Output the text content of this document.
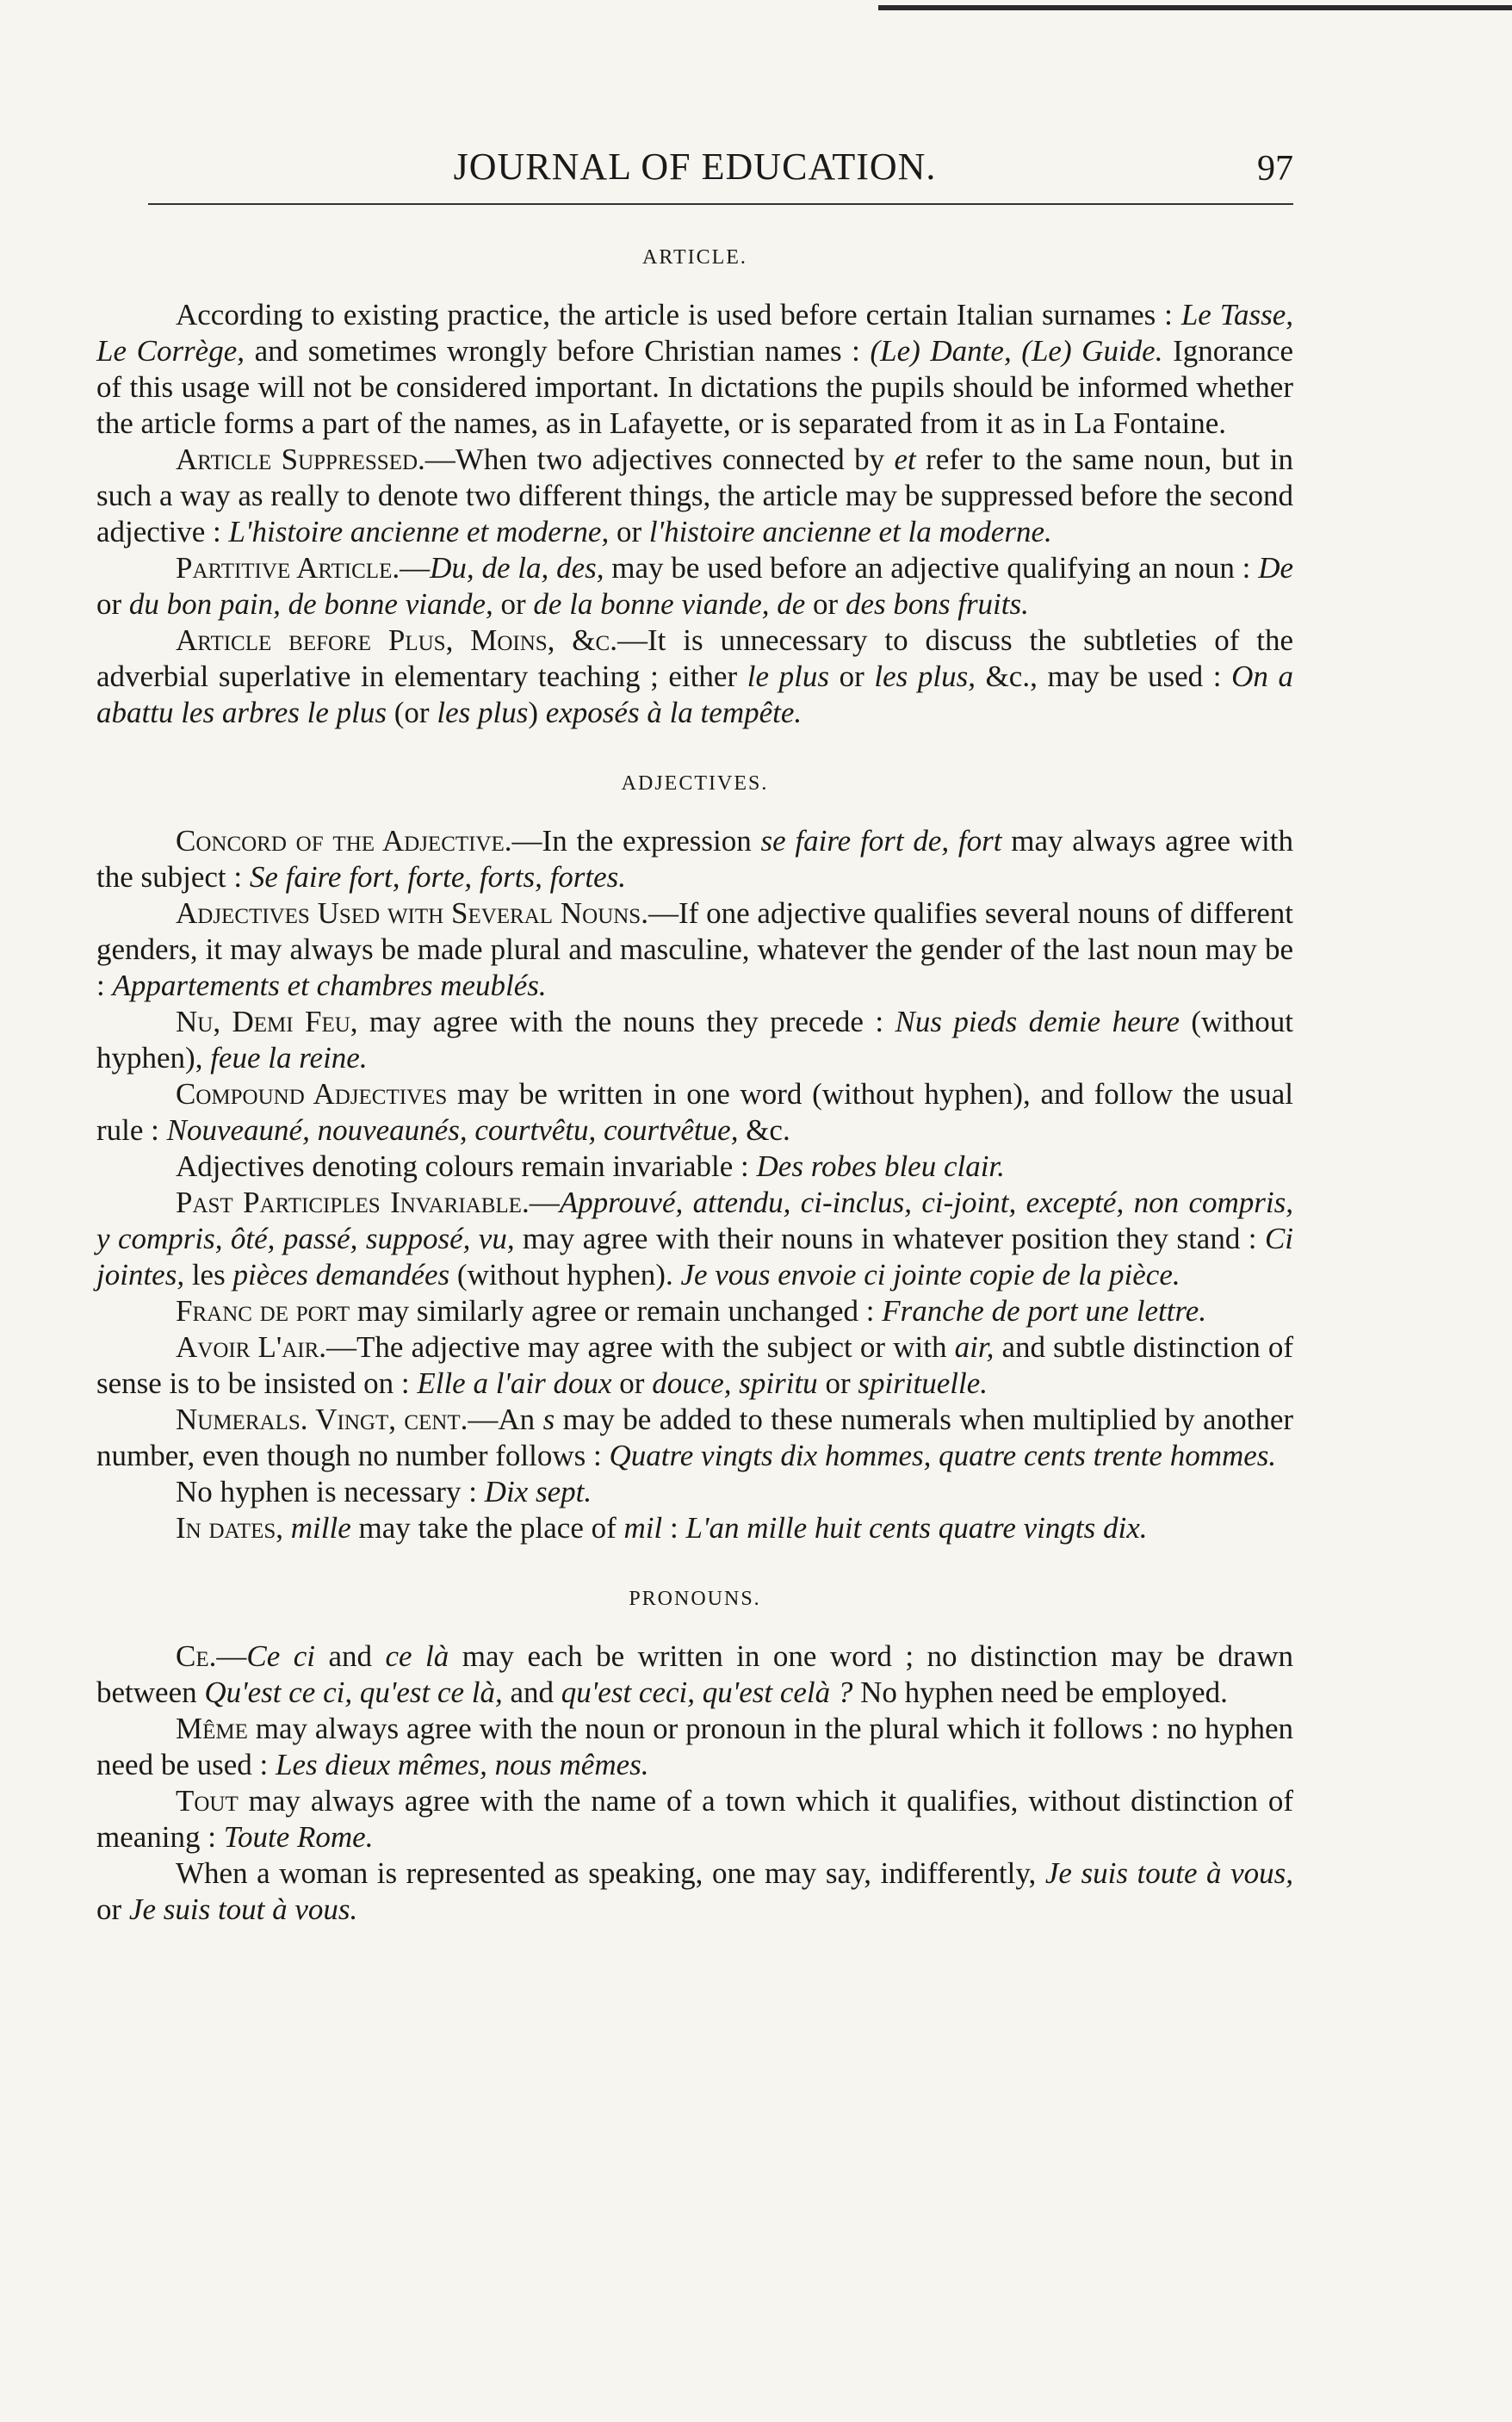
JOURNAL OF EDUCATION.	97
ARTICLE.

According to existing practice, the article is used before certain Italian surnames : Le Tasse, Le Corrège, and sometimes wrongly before Christian names : (Le) Dante, (Le) Guide. Ignorance of this usage will not be considered important. In dictations the pupils should be informed whether the article forms a part of the names, as in Lafayette, or is separated from it as in La Fontaine.

Article Suppressed.—When two adjectives connected by et refer to the same noun, but in such a way as really to denote two different things, the article may be suppressed before the second adjective : L'histoire ancienne et moderne, or l'histoire ancienne et la moderne.

Partitive Article.—Du, de la, des, may be used before an adjective qualifying an noun : De or du bon pain, de bonne viande, or de la bonne viande, de or des bons fruits.

Article before Plus, Moins, &c.—It is unnecessary to discuss the subtleties of the adverbial superlative in elementary teaching ; either le plus or les plus, &c., may be used : On a abattu les arbres le plus (or les plus) exposés à la tempête.

ADJECTIVES.

Concord of the Adjective.—In the expression se faire fort de, fort may always agree with the subject : Se faire fort, forte, forts, fortes.

Adjectives Used with Several Nouns.—If one adjective qualifies several nouns of different genders, it may always be made plural and masculine, whatever the gender of the last noun may be : Appartements et chambres meublés.

Nu, Demi Feu, may agree with the nouns they precede : Nus pieds demie heure (without hyphen), feue la reine.

Compound Adjectives may be written in one word (without hyphen), and follow the usual rule : Nouveauné, nouveaunés, courtvêtu, courtvêtue, &c.

Adjectives denoting colours remain invariable : Des robes bleu clair.

Past Participles Invariable.—Approuvé, attendu, ci-inclus, ci-joint, excepté, non compris, y compris, ôté, passé, supposé, vu, may agree with their nouns in whatever position they stand : Ci jointes, les pièces demandées (without hyphen). Je vous envoie ci jointe copie de la pièce.

Franc de port may similarly agree or remain unchanged : Franche de port une lettre.

Avoir L'air.—The adjective may agree with the subject or with air, and subtle distinction of sense is to be insisted on : Elle a l'air doux or douce, spiritu or spirituelle.

Numerals. Vingt, cent.—An s may be added to these numerals when multiplied by another number, even though no number follows : Quatre vingts dix hommes, quatre cents trente hommes.

No hyphen is necessary : Dix sept.

In dates, mille may take the place of mil : L'an mille huit cents quatre vingts dix.

PRONOUNS.

Ce.—Ce ci and ce là may each be written in one word ; no distinction may be drawn between Qu'est ce ci, qu'est ce là, and qu'est ceci, qu'est celà ? No hyphen need be employed.

Même may always agree with the noun or pronoun in the plural which it follows : no hyphen need be used : Les dieux mêmes, nous mêmes.

Tout may always agree with the name of a town which it qualifies, without distinction of meaning : Toute Rome.

When a woman is represented as speaking, one may say, indifferently, Je suis toute à vous, or Je suis tout à vous.
